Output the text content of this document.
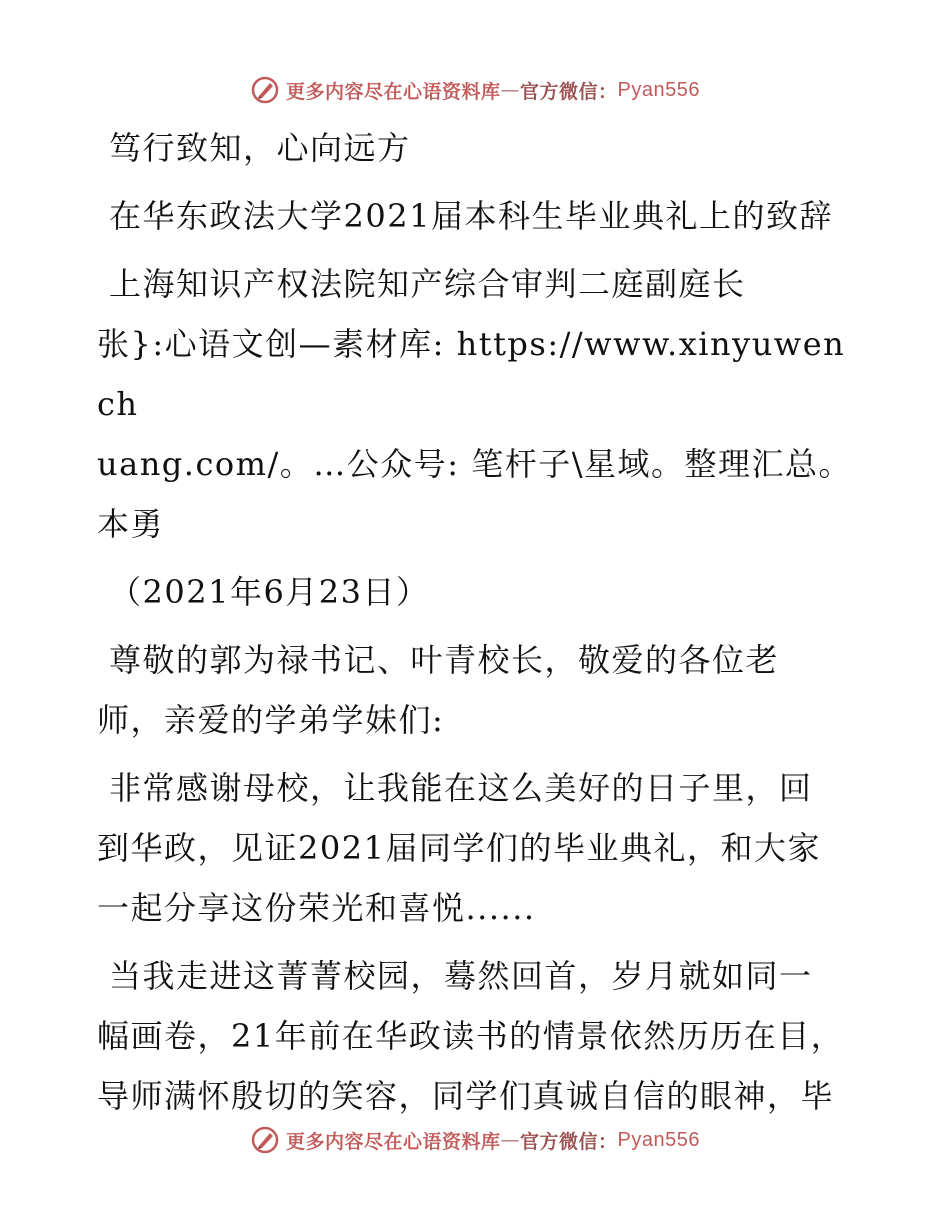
更多内容尽在心语资料库 — 官方微信： Pyan556

笃行致知，心向远方

在华东政法大学2021届本科生毕业典礼上的致辞

上海知识产权法院知产综合审判二庭副庭长

张}:心语文创—素材库: https://www.xinyuwench

uang.com/。…公众号: 笔杆子\星域。整理汇总。

本勇

（2021年6月23日）

尊敬的郭为禄书记、叶青校长，敬爱的各位老

师，亲爱的学弟学妹们:

非常感谢母校，让我能在这么美好的日子里，回

到华政，见证2021届同学们的毕业典礼，和大家

一起分享这份荣光和喜悦......

当我走进这菁菁校园，蓦然回首，岁月就如同一

幅画卷，21年前在华政读书的情景依然历历在目，

导师满怀殷切的笑容，同学们真诚自信的眼神，毕

更多内容尽在心语资料库 — 官方微信： Pyan556
